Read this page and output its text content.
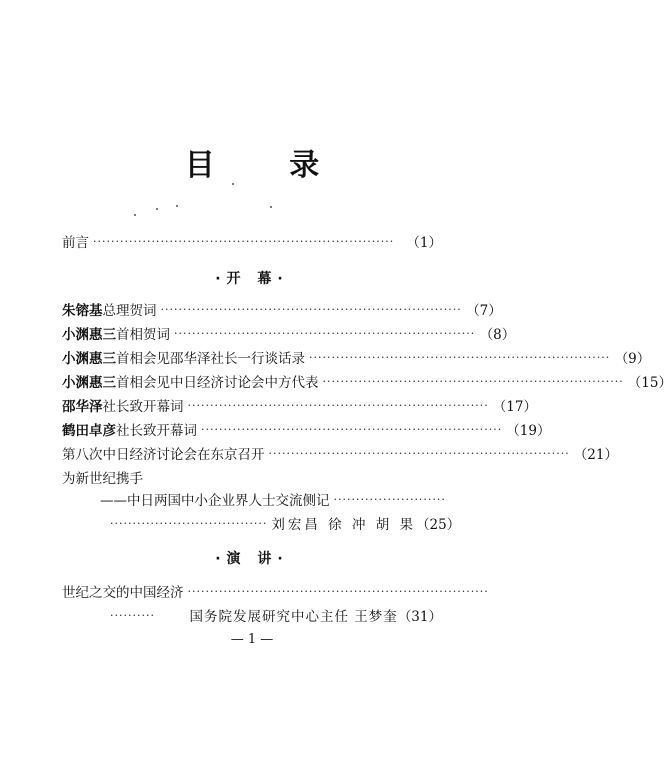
目 录
前言 ··································································· （1）
·开 幕·
朱镕基 总理贺词 ··································································· （7）
小渊惠三 首相贺词 ··································································· （8）
小渊惠三 首相会见邵华泽社长一行谈话录 ··································································· （9）
小渊惠三 首相会见中日经济讨论会中方代表 ··································································· （15）
邵华泽 社长致开幕词 ··································································· （17）
鹤田卓彦 社长致开幕词 ··································································· （19）
第八次中日经济讨论会在东京召开 ··································································· （21）
为新世纪携手
——中日两国中小企业界人士交流侧记 ·························
··································· 刘宏昌 徐 冲 胡 果 （25）
·演 讲·
世纪之交的中国经济 ···································································
··········	国务院发展研究中心主任 王梦奎 （31）
— 1 —
